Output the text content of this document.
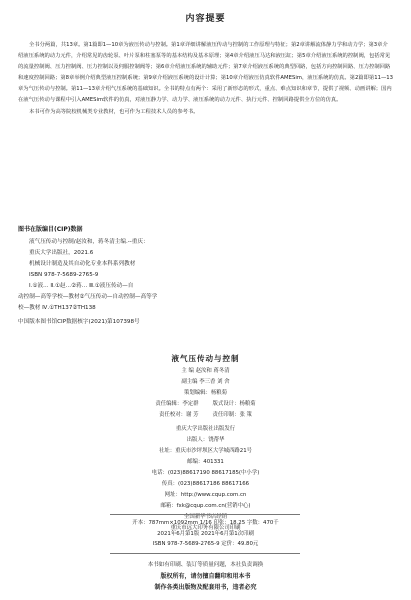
内容提要

全书分两篇，共13章。第1篇即1—10章为液压传动与控制。第1章详细讲解液压传动与控制的工作原理与特征；第2章讲解流体静力学和动力学；第3章介绍液压系统的动力元件，介绍常见的齿轮泵、叶片泵和柱塞泵等的基本结构及基本原理；第4章介绍液压马达和液压缸；第5章介绍液压系统的控制阀，包括常见的流量控制阀、压力控制阀、压力控制以及伺服控制阀等；第6章介绍液压系统的辅助元件；第7章介绍液压系统的典型回路，包括方向控制回路、压力控制回路和速度控制回路；第8章举例介绍典型液压控制系统；第9章介绍液压系统的设计计算；第10章介绍液压仿真软件AMESim，液压系统的仿真。第2篇即第11—13章为气压传动与控制。第11—13章介绍气压系统的基础知识。全书的特点有两个：采用了新形态的形式，重点、难点知识和章节，提供了视频、动画讲解；国内在液气压传动与课程中引入AMESim软件的仿真，对液压静力学、动力学、液压系统的动力元件、执行元件、控制回路提供全方位的仿真。

本书可作为高等院校机械类专业教材，也可作为工程技术人员的参考书。

图书在版编目(CIP)数据
液气压传动与控制/赵汝和，蒋冬清主编.--重庆：
重庆大学出版社，2021.6
机械设计制造及其自动化专业本科系列教材
ISBN 978-7-5689-2765-9
Ⅰ.①液… Ⅱ.①赵…②蒋… Ⅲ.①液压传动—自
动控制—高等学校—教材②气压传动—自动控制—高等学
校—教材 Ⅳ.①TH137②TH138
中国版本图书馆CIP数据核字(2021)第107398号
液气压传动与控制
主 编 赵汝和 蒋冬清
副主编 李三香 刘 舍
策划编辑：杨粮菊
责任编辑：李定群	版式设计：杨粮菊
责任校对：谢 芳	责任印制：张 策
重庆大学出版社出版发行
出版人：饶帮华
社址：重庆市沙坪坝区大学城西路21号
邮编：401331
电话：(023)88617190 88617185(中小学)
传真：(023)88617186 88617166
网址：http://www.cqup.com.cn
邮箱：fxk@cqup.com.cn(营销中心)
全国新华书店经销
重庆市远大印务有限公司印刷
开本：787mm×1092mm 1/16 印张：18.25 字数：470千
2021年6月第1版 2021年6月第1次印刷
ISBN 978-7-5689-2765-9 定价：49.80元
本书如有印刷、装订等质量问题，本社负责调换
版权所有，请勿擅自翻印和用本书
制作各类出版物及配套用书，违者必究
